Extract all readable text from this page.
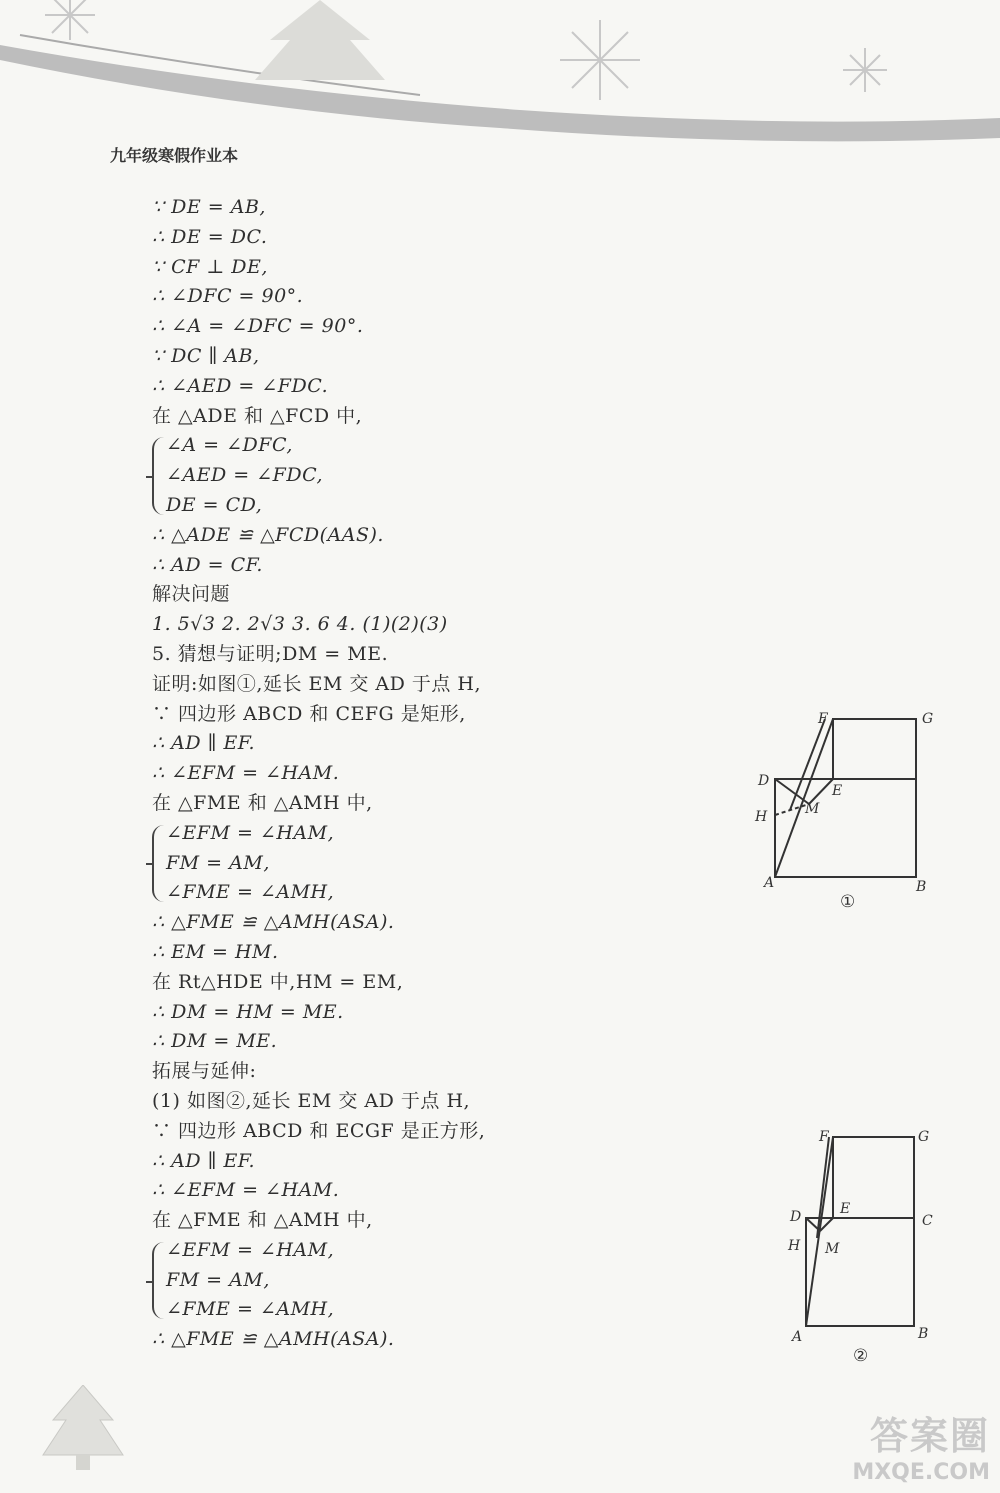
九年级寒假作业本
∵ DE = AB,
∴ DE = DC.
∵ CF ⊥ DE,
∴ ∠DFC = 90°.
∴ ∠A = ∠DFC = 90°.
∵ DC ∥ AB,
∴ ∠AED = ∠FDC.
在 △ADE 和 △FCD 中,
∠A = ∠DFC,
∠AED = ∠FDC,
DE = CD,
∴ △ADE ≌ △FCD(AAS).
∴ AD = CF.
解决问题
1. 5√3 2. 2√3 3. 6 4. (1)(2)(3)
5. 猜想与证明;DM = ME.
证明:如图①,延长 EM 交 AD 于点 H,
∵ 四边形 ABCD 和 CEFG 是矩形,
∴ AD ∥ EF.
∴ ∠EFM = ∠HAM.
在 △FME 和 △AMH 中,
∠EFM = ∠HAM,
FM = AM,
∠FME = ∠AMH,
∴ △FME ≌ △AMH(ASA).
∴ EM = HM.
在 Rt△HDE 中,HM = EM,
∴ DM = HM = ME.
∴ DM = ME.
拓展与延伸:
(1) 如图②,延长 EM 交 AD 于点 H,
∵ 四边形 ABCD 和 ECGF 是正方形,
∴ AD ∥ EF.
∴ ∠EFM = ∠HAM.
在 △FME 和 △AMH 中,
∠EFM = ∠HAM,
FM = AM,
∠FME = ∠AMH,
∴ △FME ≌ △AMH(ASA).
F	G
D
E
H	M
A	B
①
F	G
D	E
C
H M
A	B
②
答案圈
MXQE.COM
